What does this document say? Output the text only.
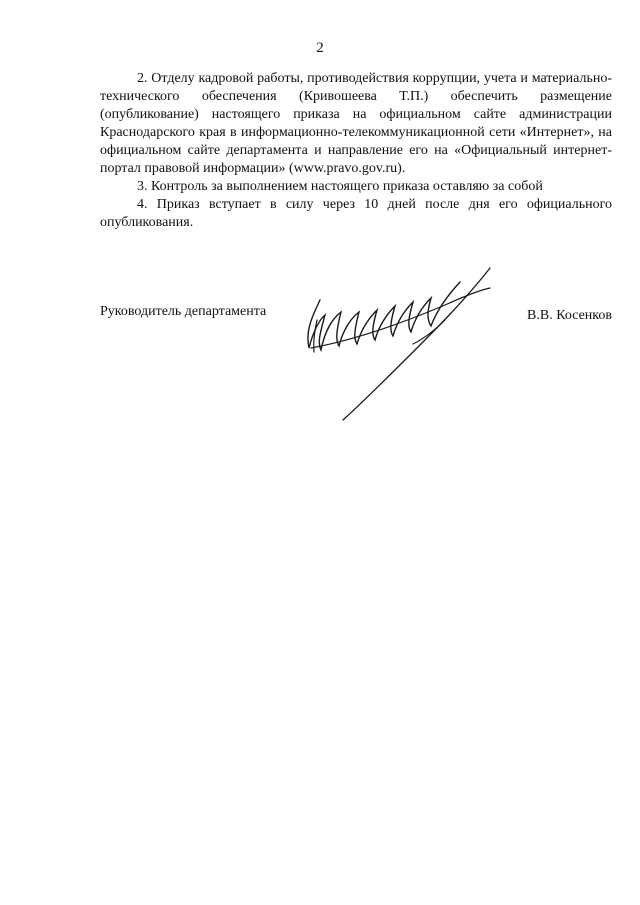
2

2. Отделу кадровой работы, противодействия коррупции, учета и материально-технического обеспечения (Кривошеева Т.П.) обеспечить размещение (опубликование) настоящего приказа на официальном сайте администрации Краснодарского края в информационно-телекоммуникационной сети «Интернет», на официальном сайте департамента и направление его на «Официальный интернет-портал правовой информации» (www.pravo.gov.ru).

3. Контроль за выполнением настоящего приказа оставляю за собой

4. Приказ вступает в силу через 10 дней после дня его официального опубликования.

Руководитель департамента	В.В. Косенков
